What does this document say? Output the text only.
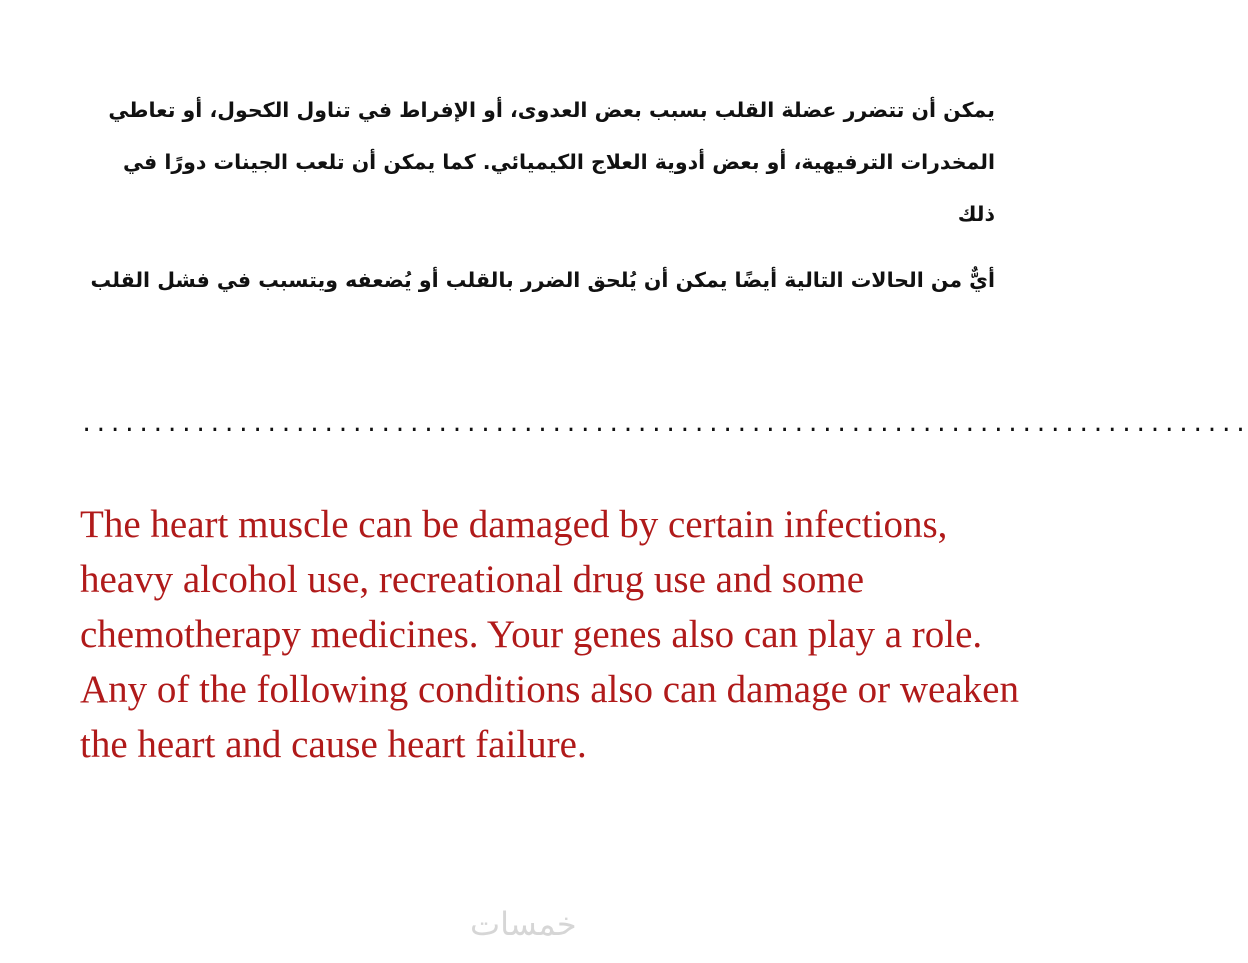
يمكن أن تتضرر عضلة القلب بسبب بعض العدوى، أو الإفراط في تناول الكحول، أو تعاطي المخدرات الترفيهية، أو بعض أدوية العلاج الكيميائي. كما يمكن أن تلعب الجينات دورًا في ذلك
أيٌّ من الحالات التالية أيضًا يمكن أن يُلحق الضرر بالقلب أو يُضعفه ويتسبب في فشل القلب
..................................................................................

The heart muscle can be damaged by certain infections, heavy alcohol use, recreational drug use and some chemotherapy medicines. Your genes also can play a role.

Any of the following conditions also can damage or weaken the heart and cause heart failure.

خمسات
